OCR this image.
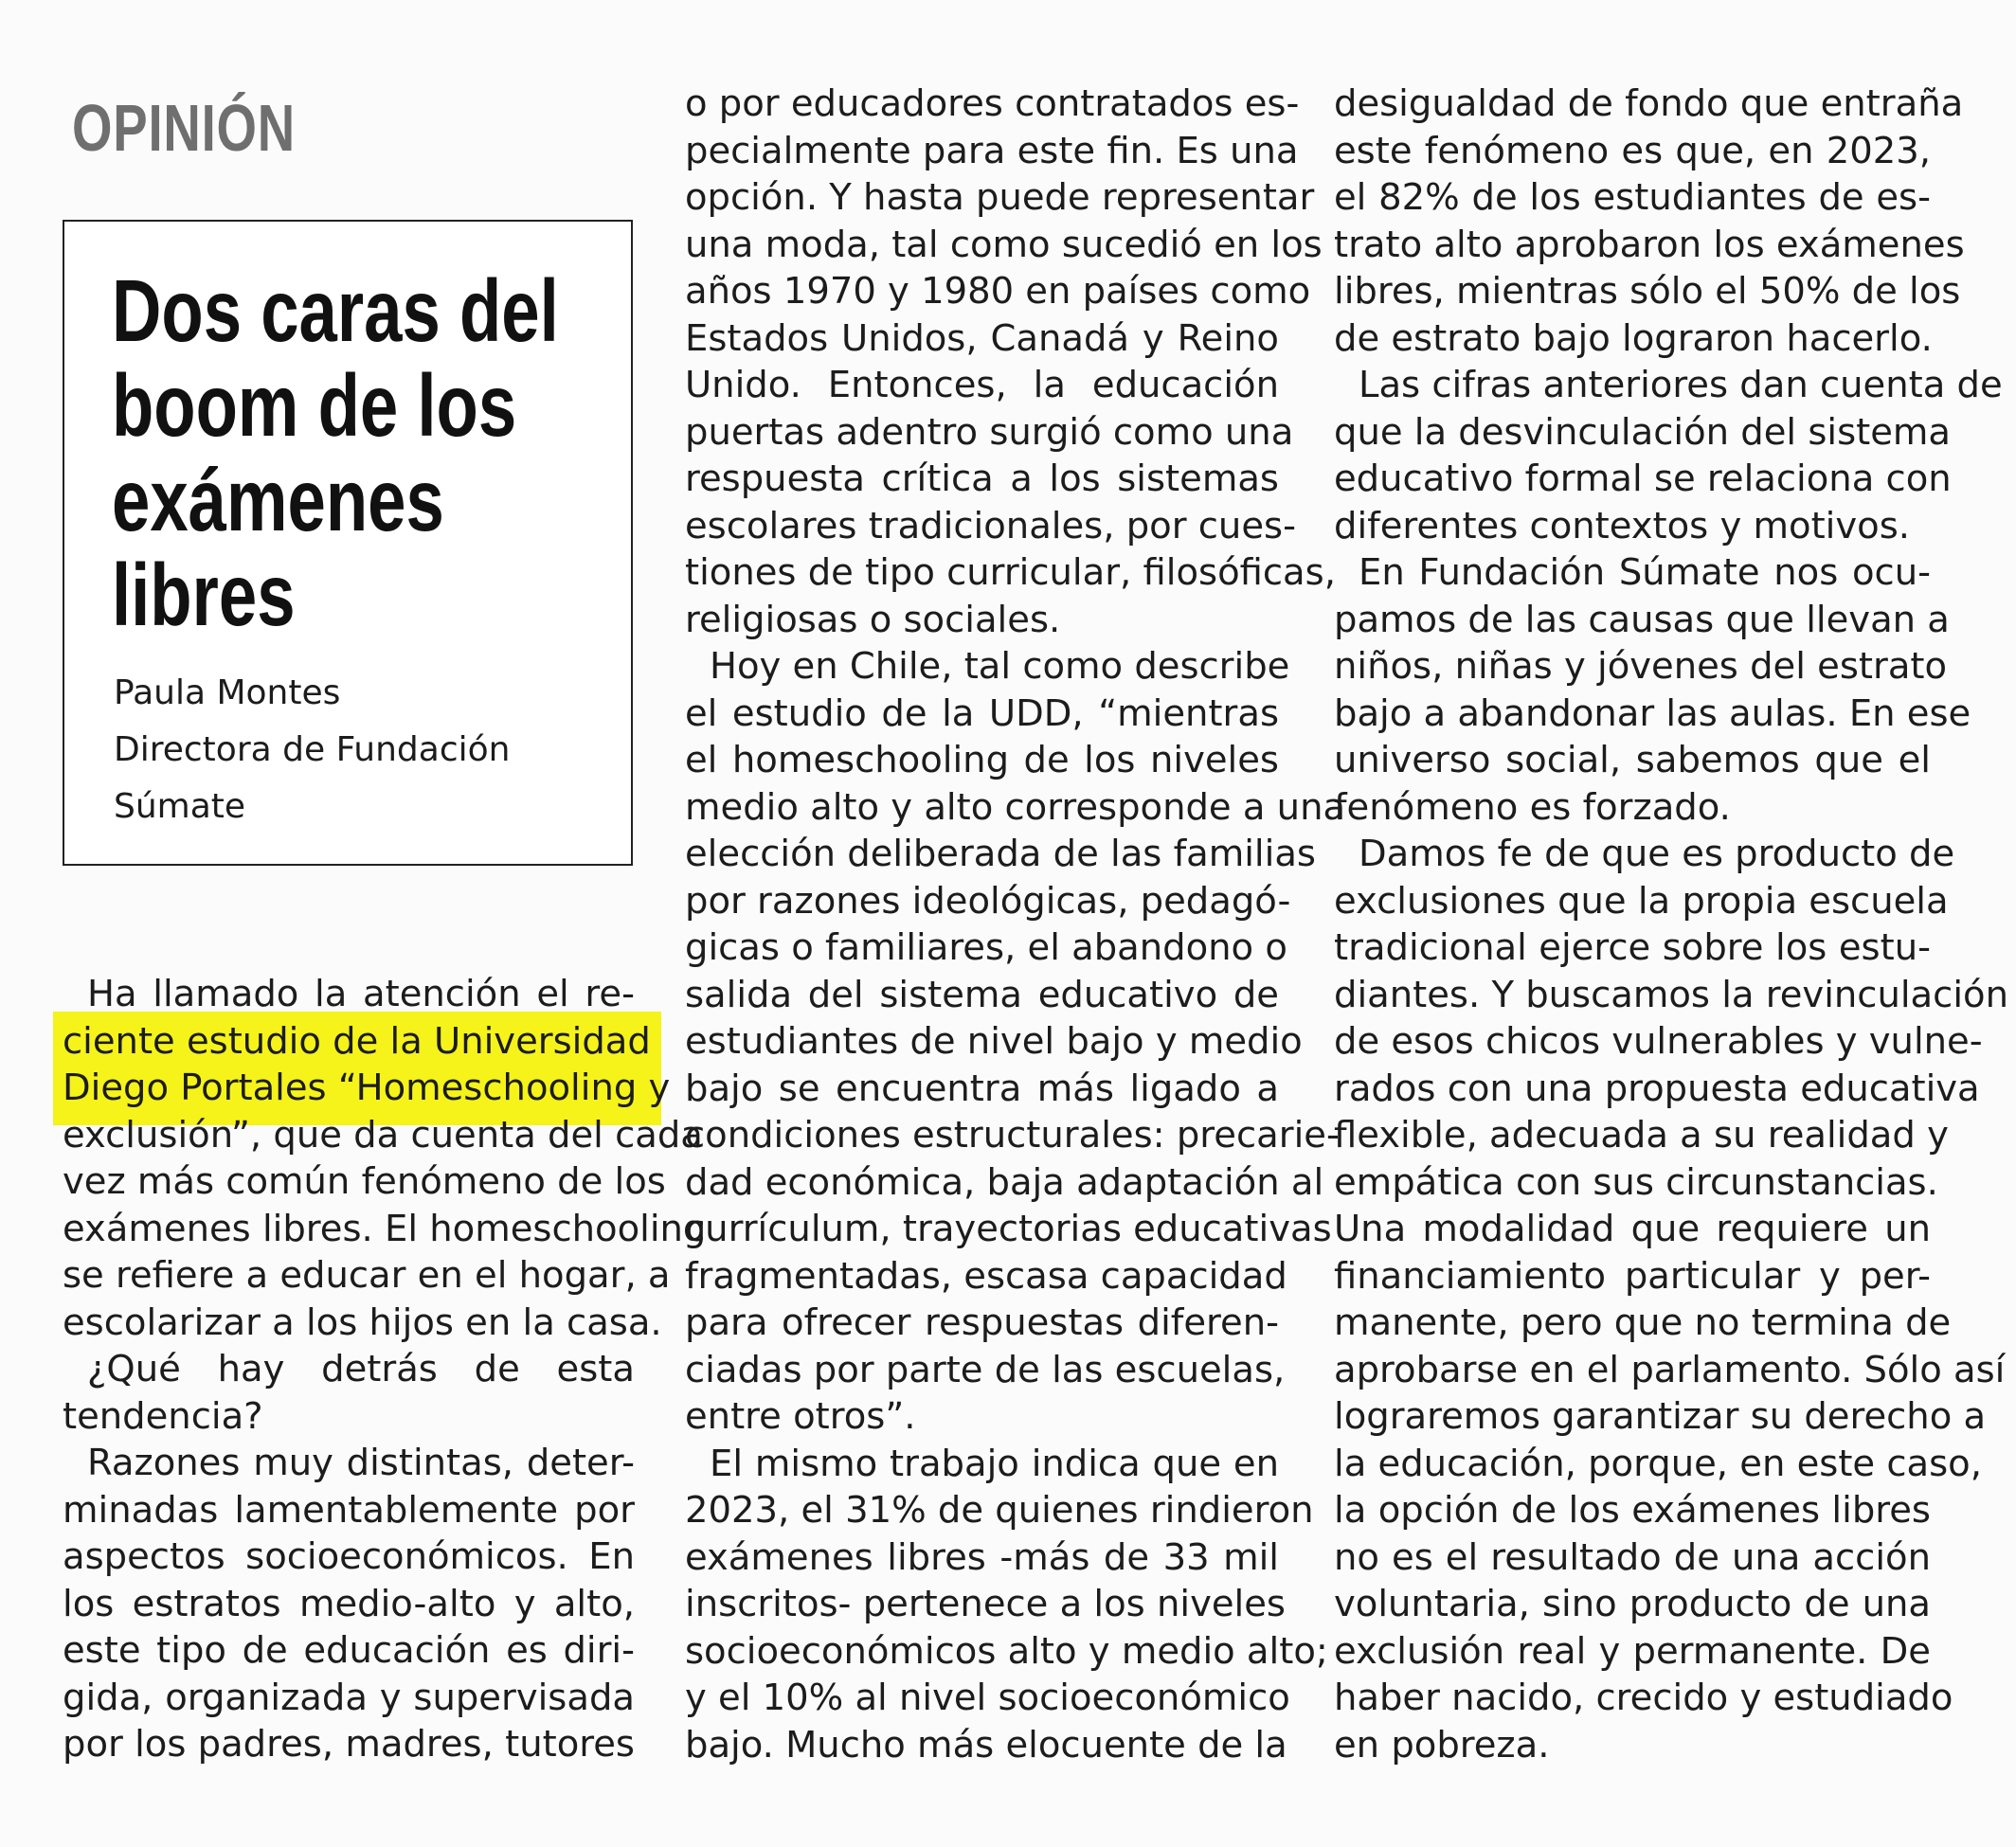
OPINIÓN
Dos caras del
boom de los
exámenes
libres
Paula Montes
Directora de Fundación
Súmate
Ha llamado la atención el re-
ciente estudio de la Universidad
Diego Portales “Homeschooling y
exclusión”, que da cuenta del cada
vez más común fenómeno de los
exámenes libres. El homeschooling
se refiere a educar en el hogar, a
escolarizar a los hijos en la casa.
¿Qué hay detrás de esta
tendencia?
Razones muy distintas, deter-
minadas lamentablemente por
aspectos socioeconómicos. En
los estratos medio-alto y alto,
este tipo de educación es diri-
gida, organizada y supervisada
por los padres, madres, tutores
o por educadores contratados es-
pecialmente para este fin. Es una
opción. Y hasta puede representar
una moda, tal como sucedió en los
años 1970 y 1980 en países como
Estados Unidos, Canadá y Reino
Unido. Entonces, la educación
puertas adentro surgió como una
respuesta crítica a los sistemas
escolares tradicionales, por cues-
tiones de tipo curricular, filosóficas,
religiosas o sociales.
Hoy en Chile, tal como describe
el estudio de la UDD, “mientras
el homeschooling de los niveles
medio alto y alto corresponde a una
elección deliberada de las familias
por razones ideológicas, pedagó-
gicas o familiares, el abandono o
salida del sistema educativo de
estudiantes de nivel bajo y medio
bajo se encuentra más ligado a
condiciones estructurales: precarie-
dad económica, baja adaptación al
currículum, trayectorias educativas
fragmentadas, escasa capacidad
para ofrecer respuestas diferen-
ciadas por parte de las escuelas,
entre otros”.
El mismo trabajo indica que en
2023, el 31% de quienes rindieron
exámenes libres -más de 33 mil
inscritos- pertenece a los niveles
socioeconómicos alto y medio alto;
y el 10% al nivel socioeconómico
bajo. Mucho más elocuente de la
desigualdad de fondo que entraña
este fenómeno es que, en 2023,
el 82% de los estudiantes de es-
trato alto aprobaron los exámenes
libres, mientras sólo el 50% de los
de estrato bajo lograron hacerlo.
Las cifras anteriores dan cuenta de
que la desvinculación del sistema
educativo formal se relaciona con
diferentes contextos y motivos.
En Fundación Súmate nos ocu-
pamos de las causas que llevan a
niños, niñas y jóvenes del estrato
bajo a abandonar las aulas. En ese
universo social, sabemos que el
fenómeno es forzado.
Damos fe de que es producto de
exclusiones que la propia escuela
tradicional ejerce sobre los estu-
diantes. Y buscamos la revinculación
de esos chicos vulnerables y vulne-
rados con una propuesta educativa
flexible, adecuada a su realidad y
empática con sus circunstancias.
Una modalidad que requiere un
financiamiento particular y per-
manente, pero que no termina de
aprobarse en el parlamento. Sólo así
lograremos garantizar su derecho a
la educación, porque, en este caso,
la opción de los exámenes libres
no es el resultado de una acción
voluntaria, sino producto de una
exclusión real y permanente. De
haber nacido, crecido y estudiado
en pobreza.
